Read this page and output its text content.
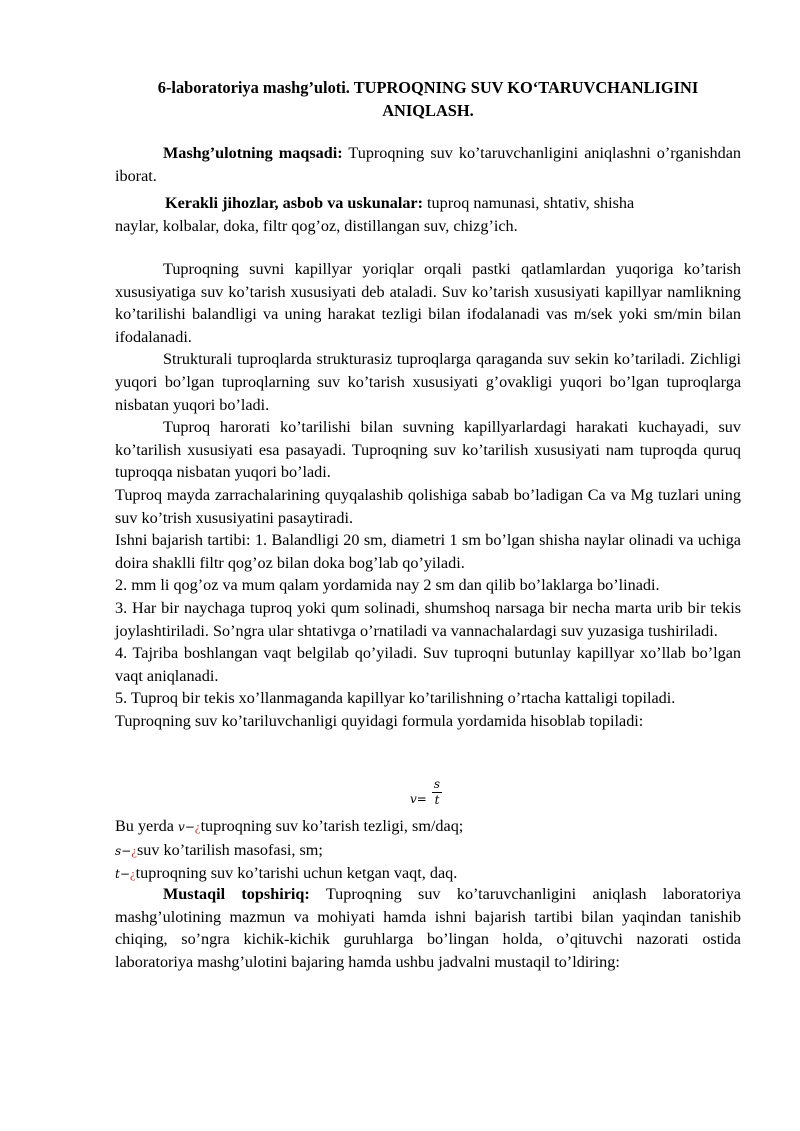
6-laboratoriya mashg’uloti. TUPROQNING SUV KO‘TARUVCHANLIGINI
ANIQLASH.
Mashg’ulotning maqsadi: Tuproqning suv ko’taruvchanligini aniqlashni o’rganishdan iborat.
Kerakli jihozlar, asbob va uskunalar: tuproq namunasi, shtativ, shisha
naylar, kolbalar, doka, filtr qog’oz, distillangan suv, chizg’ich.

Tuproqning suvni kapillyar yoriqlar orqali pastki qatlamlardan yuqoriga ko’tarish xususiyatiga suv ko’tarish xususiyati deb ataladi. Suv ko’tarish xususiyati kapillyar namlikning ko’tarilishi balandligi va uning harakat tezligi bilan ifodalanadi vas m/sek yoki sm/min bilan ifodalanadi.

Strukturali tuproqlarda strukturasiz tuproqlarga qaraganda suv sekin ko’tariladi. Zichligi yuqori bo’lgan tuproqlarning suv ko’tarish xususiyati g’ovakligi yuqori bo’lgan tuproqlarga nisbatan yuqori bo’ladi.

Tuproq harorati ko’tarilishi bilan suvning kapillyarlardagi harakati kuchayadi, suv ko’tarilish xususiyati esa pasayadi. Tuproqning suv ko’tarilish xususiyati nam tuproqda quruq tuproqqa nisbatan yuqori bo’ladi.

Tuproq mayda zarrachalarining quyqalashib qolishiga sabab bo’ladigan Ca va Mg tuzlari uning suv ko’trish xususiyatini pasaytiradi.

Ishni bajarish tartibi: 1. Balandligi 20 sm, diametri 1 sm bo’lgan shisha naylar olinadi va uchiga doira shaklli filtr qog’oz bilan doka bog’lab qo’yiladi.

2. mm li qog’oz va mum qalam yordamida nay 2 sm dan qilib bo’laklarga bo’linadi.

3. Har bir naychaga tuproq yoki qum solinadi, shumshoq narsaga bir necha marta urib bir tekis joylashtiriladi. So’ngra ular shtativga o’rnatiladi va vannachalardagi suv yuzasiga tushiriladi.

4. Tajriba boshlangan vaqt belgilab qo’yiladi. Suv tuproqni butunlay kapillyar xo’llab bo’lgan vaqt aniqlanadi.

5. Tuproq bir tekis xo’llanmaganda kapillyar ko’tarilishning o’rtacha kattaligi topiladi.

Tuproqning suv ko’tariluvchanligi quyidagi formula yordamida hisoblab topiladi:

v=
s
t
Bu yerda v−¿tuproqning suv ko’tarish tezligi, sm/daq;
s−¿suv ko’tarilish masofasi, sm;
t−¿tuproqning suv ko’tarishi uchun ketgan vaqt, daq.
Mustaqil topshiriq: Tuproqning suv ko’taruvchanligini aniqlash laboratoriya mashg’ulotining mazmun va mohiyati hamda ishni bajarish tartibi bilan yaqindan tanishib chiqing, so’ngra kichik-kichik guruhlarga bo’lingan holda, o’qituvchi nazorati ostida laboratoriya mashg’ulotini bajaring hamda ushbu jadvalni mustaqil to’ldiring:
